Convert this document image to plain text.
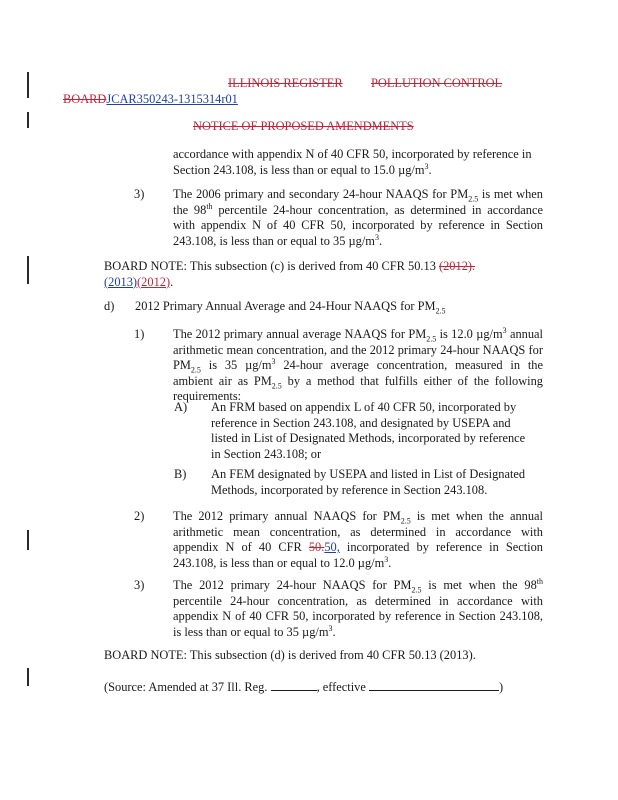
ILLINOIS REGISTER POLLUTION CONTROL
BOARDJCAR350243-1315314r01
NOTICE OF PROPOSED AMENDMENTS
accordance with appendix N of 40 CFR 50, incorporated by reference in
Section 243.108, is less than or equal to 15.0 $\mu g/m^3$.
3) The 2006 primary and secondary 24-hour NAAQS for $PM_{2.5}$ is met when the 98th percentile 24-hour concentration, as determined in accordance with appendix N of 40 CFR 50, incorporated by reference in Section 243.108, is less than or equal to 35 $\mu g/m^3$.
BOARD NOTE: This subsection (c) is derived from 40 CFR 50.13 (2012).
(2013)(2012).
d) 2012 Primary Annual Average and 24-Hour NAAQS for $PM_{2.5}$
1) The 2012 primary annual average NAAQS for $PM_{2.5}$ is 12.0 $\mu g/m^3$ annual arithmetic mean concentration, and the 2012 primary 24-hour NAAQS for $PM_{2.5}$ is 35 $\mu g/m^3$ 24-hour average concentration, measured in the ambient air as $PM_{2.5}$ by a method that fulfills either of the following requirements:
A) An FRM based on appendix L of 40 CFR 50, incorporated by reference in Section 243.108, and designated by USEPA and listed in List of Designated Methods, incorporated by reference in Section 243.108; or
B) An FEM designated by USEPA and listed in List of Designated Methods, incorporated by reference in Section 243.108.
2) The 2012 primary annual NAAQS for $PM_{2.5}$ is met when the annual arithmetic mean concentration, as determined in accordance with appendix N of 40 CFR 50.50, incorporated by reference in Section 243.108, is less than or equal to 12.0 $\mu g/m^3$.
3) The 2012 primary 24-hour NAAQS for $PM_{2.5}$ is met when the 98th percentile 24-hour concentration, as determined in accordance with appendix N of 40 CFR 50, incorporated by reference in Section 243.108, is less than or equal to 35 $\mu g/m^3$.
BOARD NOTE: This subsection (d) is derived from 40 CFR 50.13 (2013).
(Source: Amended at 37 Ill. Reg.	, effective	)
